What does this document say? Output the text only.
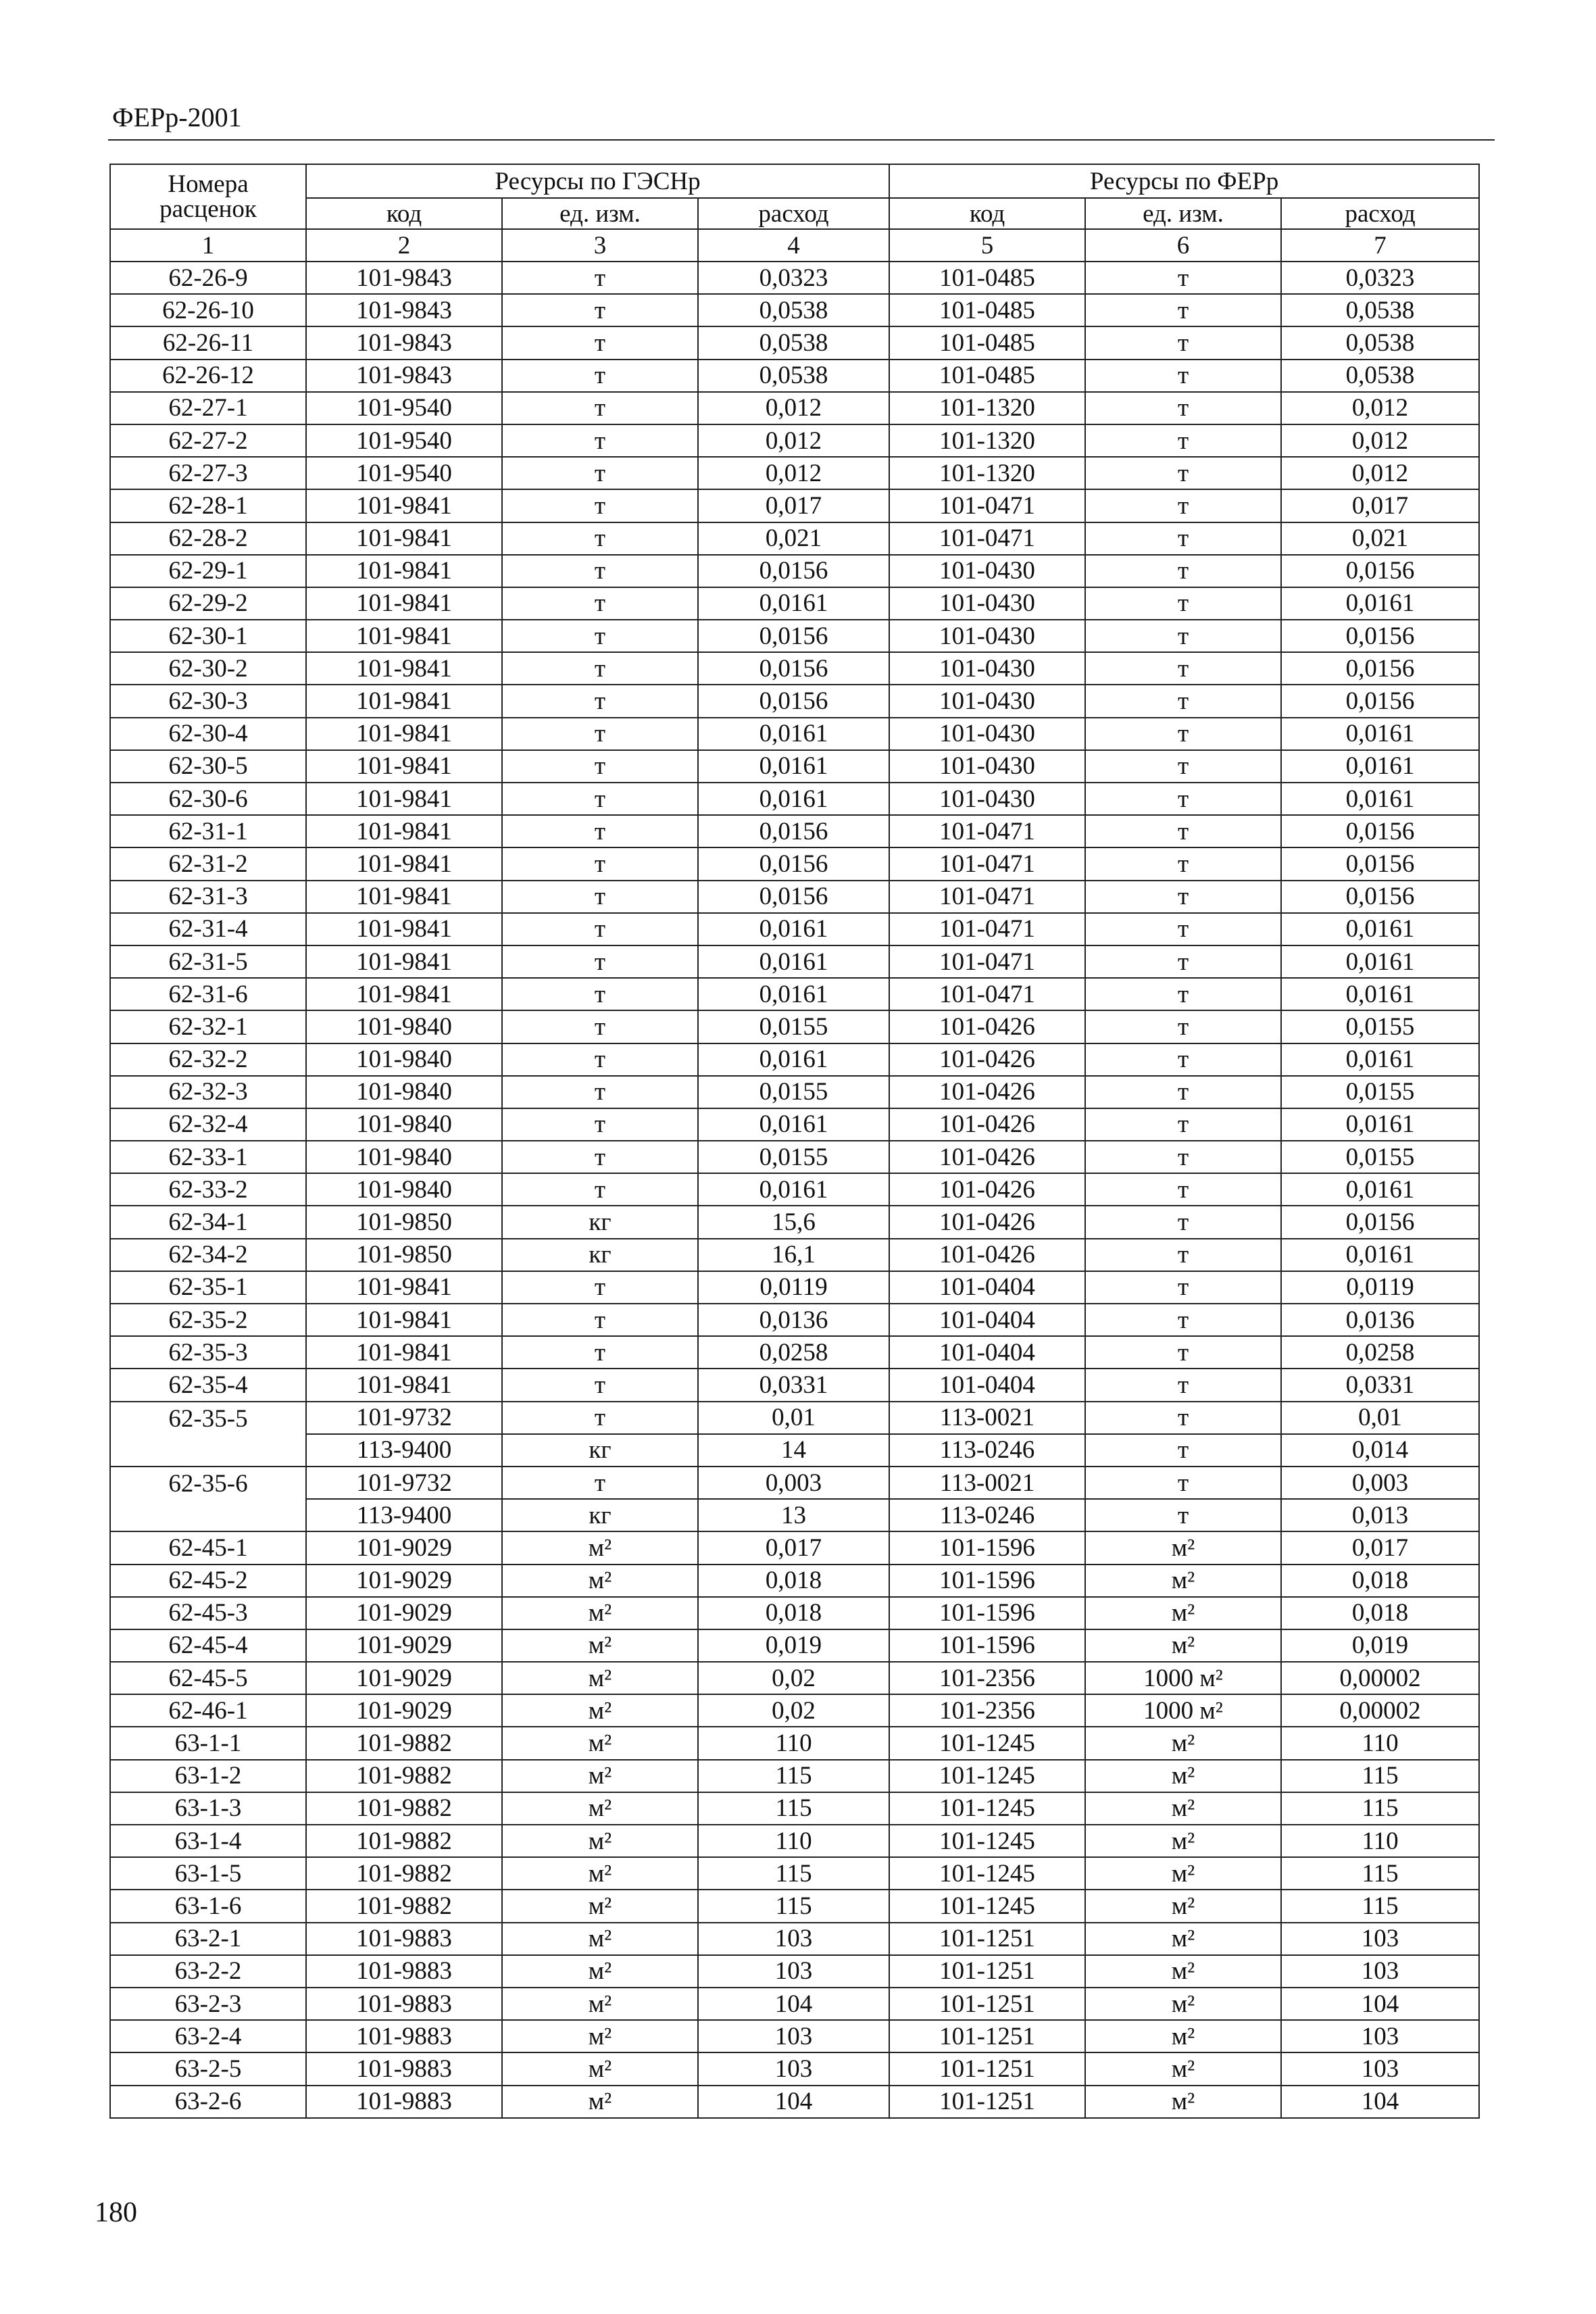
ФЕРр-2001
Номера расценок	Ресурсы по ГЭСНр			Ресурсы по ФЕРр		
	код	ед. изм.	расход	код	ед. изм.	расход
1	2	3	4	5	6	7
62-26-9	101-9843	т	0,0323	101-0485	т	0,0323
62-26-10	101-9843	т	0,0538	101-0485	т	0,0538
62-26-11	101-9843	т	0,0538	101-0485	т	0,0538
62-26-12	101-9843	т	0,0538	101-0485	т	0,0538
62-27-1	101-9540	т	0,012	101-1320	т	0,012
62-27-2	101-9540	т	0,012	101-1320	т	0,012
62-27-3	101-9540	т	0,012	101-1320	т	0,012
62-28-1	101-9841	т	0,017	101-0471	т	0,017
62-28-2	101-9841	т	0,021	101-0471	т	0,021
62-29-1	101-9841	т	0,0156	101-0430	т	0,0156
62-29-2	101-9841	т	0,0161	101-0430	т	0,0161
62-30-1	101-9841	т	0,0156	101-0430	т	0,0156
62-30-2	101-9841	т	0,0156	101-0430	т	0,0156
62-30-3	101-9841	т	0,0156	101-0430	т	0,0156
62-30-4	101-9841	т	0,0161	101-0430	т	0,0161
62-30-5	101-9841	т	0,0161	101-0430	т	0,0161
62-30-6	101-9841	т	0,0161	101-0430	т	0,0161
62-31-1	101-9841	т	0,0156	101-0471	т	0,0156
62-31-2	101-9841	т	0,0156	101-0471	т	0,0156
62-31-3	101-9841	т	0,0156	101-0471	т	0,0156
62-31-4	101-9841	т	0,0161	101-0471	т	0,0161
62-31-5	101-9841	т	0,0161	101-0471	т	0,0161
62-31-6	101-9841	т	0,0161	101-0471	т	0,0161
62-32-1	101-9840	т	0,0155	101-0426	т	0,0155
62-32-2	101-9840	т	0,0161	101-0426	т	0,0161
62-32-3	101-9840	т	0,0155	101-0426	т	0,0155
62-32-4	101-9840	т	0,0161	101-0426	т	0,0161
62-33-1	101-9840	т	0,0155	101-0426	т	0,0155
62-33-2	101-9840	т	0,0161	101-0426	т	0,0161
62-34-1	101-9850	кг	15,6	101-0426	т	0,0156
62-34-2	101-9850	кг	16,1	101-0426	т	0,0161
62-35-1	101-9841	т	0,0119	101-0404	т	0,0119
62-35-2	101-9841	т	0,0136	101-0404	т	0,0136
62-35-3	101-9841	т	0,0258	101-0404	т	0,0258
62-35-4	101-9841	т	0,0331	101-0404	т	0,0331
62-35-5	101-9732	т	0,01	113-0021	т	0,01
	113-9400	кг	14	113-0246	т	0,014
62-35-6	101-9732	т	0,003	113-0021	т	0,003
	113-9400	кг	13	113-0246	т	0,013
62-45-1	101-9029	м²	0,017	101-1596	м²	0,017
62-45-2	101-9029	м²	0,018	101-1596	м²	0,018
62-45-3	101-9029	м²	0,018	101-1596	м²	0,018
62-45-4	101-9029	м²	0,019	101-1596	м²	0,019
62-45-5	101-9029	м²	0,02	101-2356	1000 м²	0,00002
62-46-1	101-9029	м²	0,02	101-2356	1000 м²	0,00002
63-1-1	101-9882	м²	110	101-1245	м²	110
63-1-2	101-9882	м²	115	101-1245	м²	115
63-1-3	101-9882	м²	115	101-1245	м²	115
63-1-4	101-9882	м²	110	101-1245	м²	110
63-1-5	101-9882	м²	115	101-1245	м²	115
63-1-6	101-9882	м²	115	101-1245	м²	115
63-2-1	101-9883	м²	103	101-1251	м²	103
63-2-2	101-9883	м²	103	101-1251	м²	103
63-2-3	101-9883	м²	104	101-1251	м²	104
63-2-4	101-9883	м²	103	101-1251	м²	103
63-2-5	101-9883	м²	103	101-1251	м²	103
63-2-6	101-9883	м²	104	101-1251	м²	104
180
